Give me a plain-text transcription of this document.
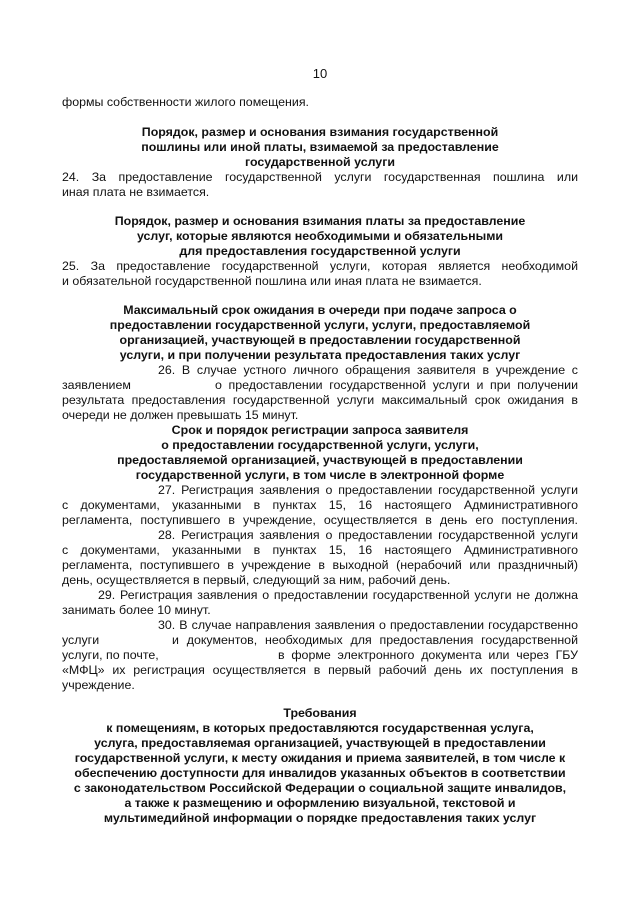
10
формы собственности жилого помещения.
Порядок, размер и основания взимания государственной
пошлины или иной платы, взимаемой за предоставление
государственной услуги
24. За предоставление государственной услуги государственная пошлина или
иная плата не взимается.
Порядок, размер и основания взимания платы за предоставление
услуг, которые являются необходимыми и обязательными
для предоставления государственной услуги
25. За предоставление государственной услуги, которая является необходимой
и обязательной государственной пошлина или иная плата не взимается.
Максимальный срок ожидания в очереди при подаче запроса о
предоставлении государственной услуги, услуги, предоставляемой
организацией, участвующей в предоставлении государственной
услуги, и при получении результата предоставления таких услуг
26. В случае устного личного обращения заявителя в учреждение с
заявлением	о предоставлении государственной услуги и при получении
результата предоставления государственной услуги максимальный срок ожидания в
очереди не должен превышать 15 минут.
Срок и порядок регистрации запроса заявителя
о предоставлении государственной услуги, услуги,
предоставляемой организацией, участвующей в предоставлении
государственной услуги, в том числе в электронной форме
27. Регистрация заявления о предоставлении государственной услуги
с документами, указанными в пунктах 15, 16 настоящего Административного
регламента, поступившего в учреждение, осуществляется в день его поступления.
28. Регистрация заявления о предоставлении государственной услуги
с документами, указанными в пунктах 15, 16 настоящего Административного
регламента, поступившего в учреждение в выходной (нерабочий или праздничный)
день, осуществляется в первый, следующий за ним, рабочий день.
29. Регистрация заявления о предоставлении государственной услуги не должна
занимать более 10 минут.
30. В случае направления заявления о предоставлении государственно
услуги	и документов, необходимых для предоставления государственной
услуги, по почте,	в форме электронного документа или через ГБУ
«МФЦ» их регистрация осуществляется в первый рабочий день их поступления в
учреждение.
Требования
к помещениям, в которых предоставляются государственная услуга,
услуга, предоставляемая организацией, участвующей в предоставлении
государственной услуги, к месту ожидания и приема заявителей, в том числе к
обеспечению доступности для инвалидов указанных объектов в соответствии
с законодательством Российской Федерации о социальной защите инвалидов,
а также к размещению и оформлению визуальной, текстовой и
мультимедийной информации о порядке предоставления таких услуг
